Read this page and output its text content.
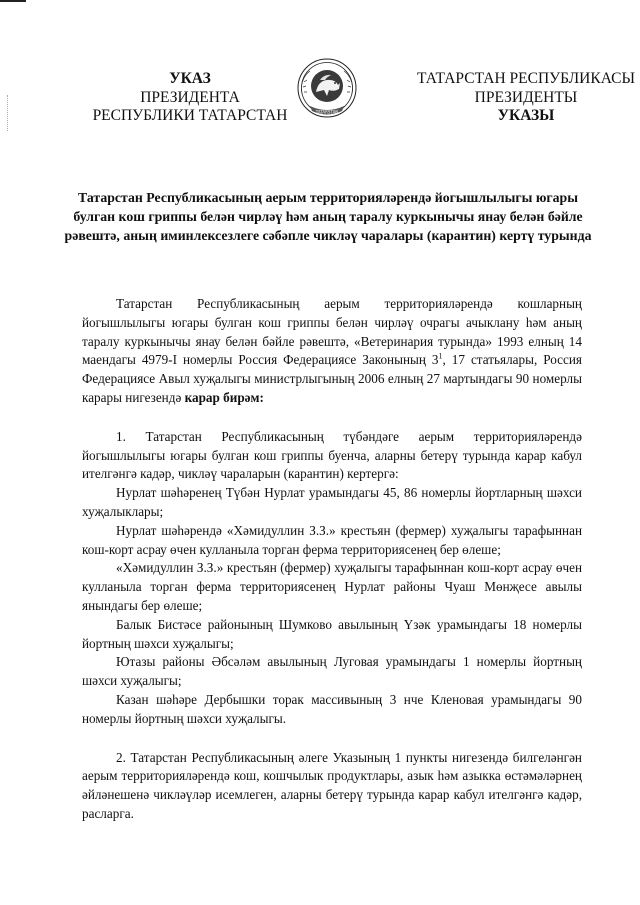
УКАЗ
ПРЕЗИДЕНТА
РЕСПУБЛИКИ ТАТАРСТАН	TATARSTAN
ТАТАРСТАН РЕСПУБЛИКАСЫ
ПРЕЗИДЕНТЫ
УКАЗЫ
Татарстан Республикасының аерым территорияләрендә йогышлылыгы югары булган кош гриппы белән чирләү һәм аның таралу куркынычы янау белән бәйле рәвештә, аның иминлексезлеге сәбәпле чикләү чаралары (карантин) кертү турында

Татарстан Республикасының аерым территорияләрендә кошларның йогышлылыгы югары булган кош гриппы белән чирләү очрагы ачыклану һәм аның таралу куркынычы янау белән бәйле рәвештә, «Ветеринария турында» 1993 елның 14 маендагы 4979-I номерлы Россия Федерациясе Законының $3^1$, 17 статьялары, Россия Федерациясе Авыл хуҗалыгы министрлыгының 2006 елның 27 мартындагы 90 номерлы карары нигезендә карар бирәм:

1. Татарстан Республикасының түбәндәге аерым территорияләрендә йогышлылыгы югары булган кош гриппы буенча, аларны бетерү турында карар кабул ителгәнгә кадәр, чикләү чараларын (карантин) кертергә:

Нурлат шәһәренең Түбән Нурлат урамындагы 45, 86 номерлы йортларның шәхси хуҗалыклары;

Нурлат шәһәрендә «Хәмидуллин З.З.» крестьян (фермер) хуҗалыгы тарафыннан кош-корт асрау өчен кулланыла торган ферма территориясенең бер өлеше;

«Хәмидуллин З.З.» крестьян (фермер) хуҗалыгы тарафыннан кош-корт асрау өчен кулланыла торган ферма территориясенең Нурлат районы Чуаш Мөнҗесе авылы янындагы бер өлеше;

Балык Бистәсе районының Шумково авылының Үзәк урамындагы 18 номерлы йортның шәхси хуҗалыгы;

Ютазы районы Әбсәләм авылының Луговая урамындагы 1 номерлы йортның шәхси хуҗалыгы;

Казан шәһәре Дербышки торак массивының 3 нче Кленовая урамындагы 90 номерлы йортның шәхси хуҗалыгы.

2. Татарстан Республикасының әлеге Указының 1 пункты нигезендә билгеләнгән аерым территорияләрендә кош, кошчылык продуктлары, азык һәм азыкка өстәмәләрнең әйләнешенә чикләүләр исемлеген, аларны бетерү турында карар кабул ителгәнгә кадәр, расларга.
